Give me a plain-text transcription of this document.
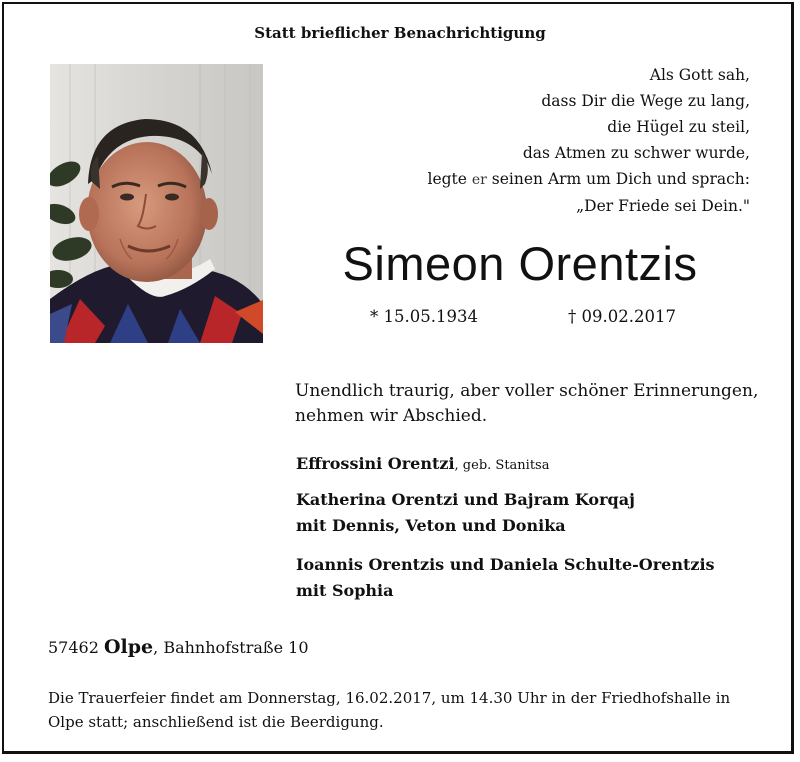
Statt brieflicher Benachrichtigung
Als Gott sah,
dass Dir die Wege zu lang,
die Hügel zu steil,
das Atmen zu schwer wurde,
legte er seinen Arm um Dich und sprach:
„Der Friede sei Dein."
Simeon Orentzis
* 15.05.1934	† 09.02.2017
Unendlich traurig, aber voller schöner Erinnerungen,
nehmen wir Abschied.
Effrossini Orentzi, geb. Stanitsa
Katherina Orentzi und Bajram Korqaj
mit Dennis, Veton und Donika
Ioannis Orentzis und Daniela Schulte-Orentzis
mit Sophia
57462 Olpe, Bahnhofstraße 10
Die Trauerfeier findet am Donnerstag, 16.02.2017, um 14.30 Uhr in der Friedhofshalle in
Olpe statt; anschließend ist die Beerdigung.
